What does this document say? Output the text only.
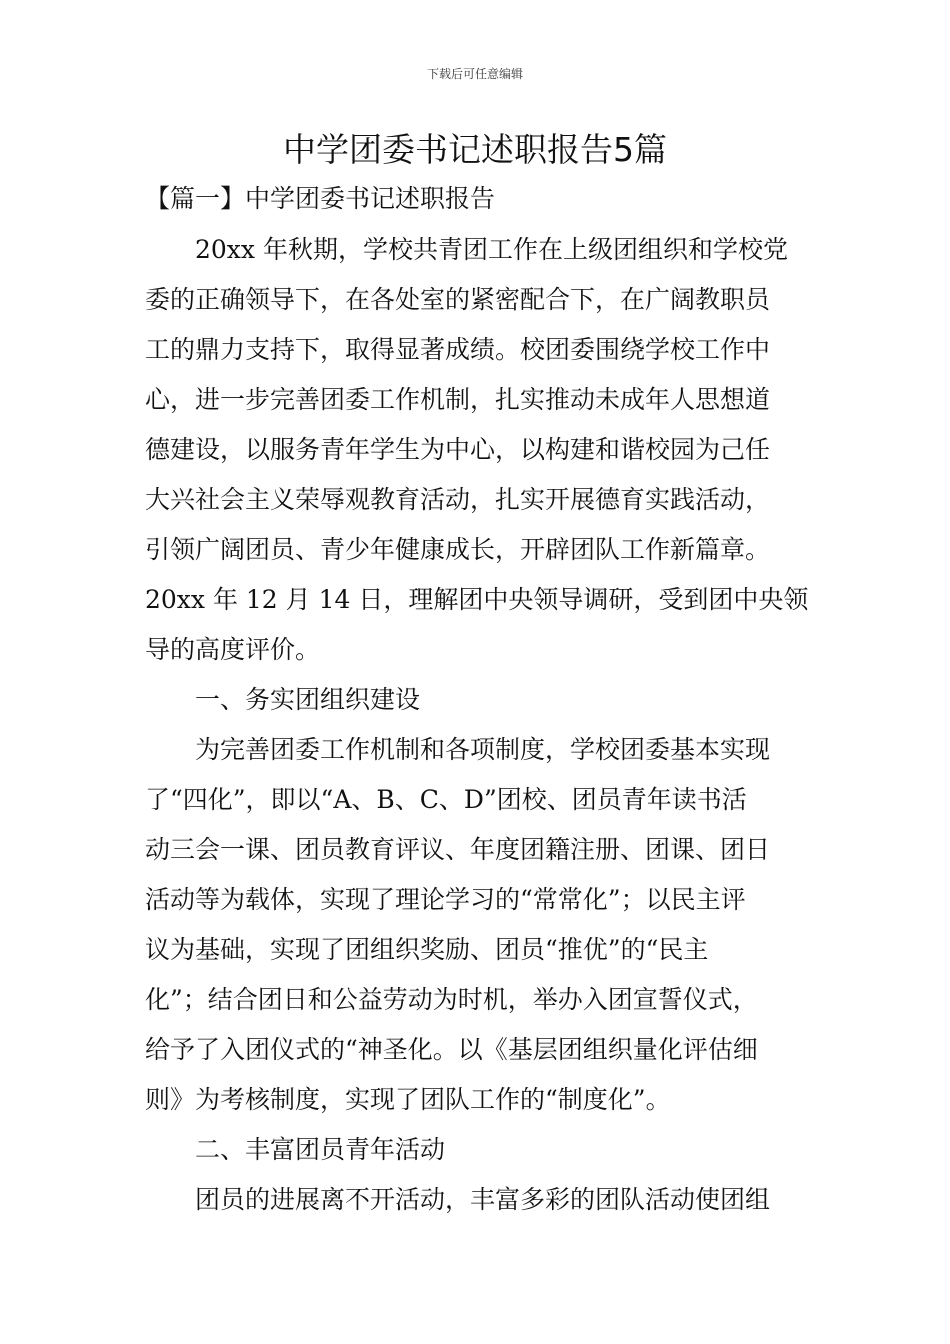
下载后可任意编辑
中学团委书记述职报告5篇
【篇一】中学团委书记述职报告
20xx 年秋期，学校共青团工作在上级团组织和学校党
委的正确领导下，在各处室的紧密配合下，在广阔教职员
工的鼎力支持下，取得显著成绩。校团委围绕学校工作中
心，进一步完善团委工作机制，扎实推动未成年人思想道
德建设，以服务青年学生为中心，以构建和谐校园为己任
大兴社会主义荣辱观教育活动，扎实开展德育实践活动，
引领广阔团员、青少年健康成长，开辟团队工作新篇章。
20xx 年 12 月 14 日，理解团中央领导调研，受到团中央领
导的高度评价。
一、务实团组织建设
为完善团委工作机制和各项制度，学校团委基本实现
了“四化”，即以“A、B、C、D”团校、团员青年读书活
动三会一课、团员教育评议、年度团籍注册、团课、团日
活动等为载体，实现了理论学习的“常常化”；以民主评
议为基础，实现了团组织奖励、团员“推优”的“民主
化”；结合团日和公益劳动为时机，举办入团宣誓仪式，
给予了入团仪式的“神圣化。以《基层团组织量化评估细
则》为考核制度，实现了团队工作的“制度化”。
二、丰富团员青年活动
团员的进展离不开活动，丰富多彩的团队活动使团组
